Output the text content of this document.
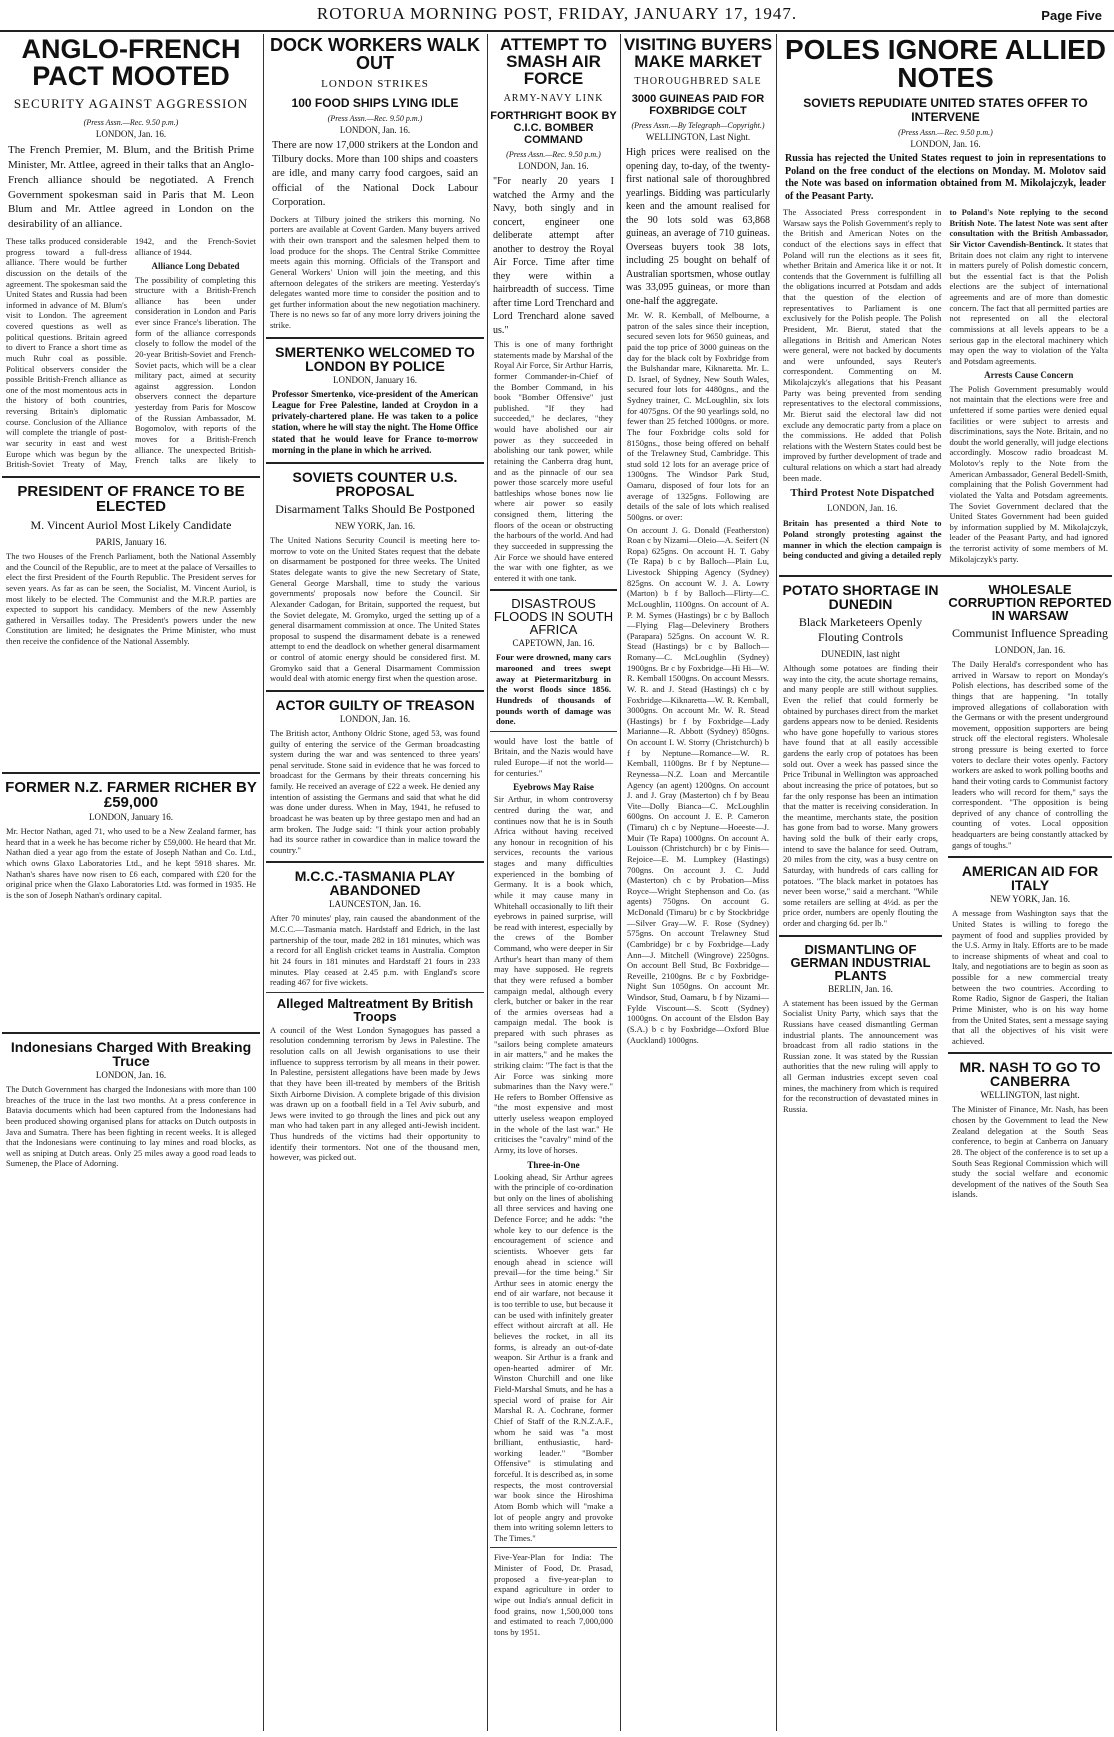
ROTORUA MORNING POST, FRIDAY, JANUARY 17, 1947.	Page Five
ANGLO-FRENCH PACT MOOTED
SECURITY AGAINST AGGRESSION
(Press Assn.—Rec. 9.50 p.m.)
LONDON, Jan. 16.

The French Premier, M. Blum, and the British Prime Minister, Mr. Attlee, agreed in their talks that an Anglo-French alliance should be negotiated. A French Government spokesman said in Paris that M. Leon Blum and Mr. Attlee agreed in London on the desirability of an alliance.

These talks produced considerable progress toward a full-dress alliance. There would be further discussion on the details of the agreement. The spokesman said the United States and Russia had been informed in advance of M. Blum's visit to London. The agreement covered questions as well as political questions. Britain agreed to divert to France a short time as much Ruhr coal as possible. Political observers consider the possible British-French alliance as one of the most momentous acts in the history of both countries, reversing Britain's diplomatic course. Conclusion of the Alliance will complete the triangle of post-war security in east and west Europe which was begun by the British-Soviet Treaty of May, 1942, and the French-Soviet alliance of 1944.
Alliance Long Debated
The possibility of completing this structure with a British-French alliance has been under consideration in London and Paris ever since France's liberation. The form of the alliance corresponds closely to follow the model of the 20-year British-Soviet and French-Soviet pacts, which will be a clear military pact, aimed at security against aggression. London observers connect the departure yesterday from Paris for Moscow of the Russian Ambassador, M. Bogomolov, with reports of the moves for a British-French alliance. The unexpected British-French talks are likely to
PRESIDENT OF FRANCE TO BE ELECTED
M. Vincent Auriol Most Likely Candidate
PARIS, January 16.

The two Houses of the French Parliament, both the National Assembly and the Council of the Republic, are to meet at the palace of Versailles to elect the first President of the Fourth Republic. The President serves for seven years. As far as can be seen, the Socialist, M. Vincent Auriol, is most likely to be elected. The Communist and the M.R.P. parties are expected to support his candidacy. Members of the new Assembly gathered in Versailles today. The President's powers under the new Constitution are limited; he designates the Prime Minister, who must then receive the confidence of the National Assembly.

FORMER N.Z. FARMER RICHER BY £59,000
LONDON, January 16.

Mr. Hector Nathan, aged 71, who used to be a New Zealand farmer, has heard that in a week he has become richer by £59,000. He heard that Mr. Nathan died a year ago from the estate of Joseph Nathan and Co. Ltd., which owns Glaxo Laboratories Ltd., and he kept 5918 shares. Mr. Nathan's shares have now risen to £6 each, compared with £20 for the original price when the Glaxo Laboratories Ltd. was formed in 1935. He is the son of Joseph Nathan's ordinary capital.

Indonesians Charged With Breaking Truce
LONDON, Jan. 16.

The Dutch Government has charged the Indonesians with more than 100 breaches of the truce in the last two months. At a press conference in Batavia documents which had been captured from the Indonesians had been produced showing organised plans for attacks on Dutch outposts in Java and Sumatra. There has been fighting in recent weeks. It is alleged that the Indonesians were continuing to lay mines and road blocks, as well as sniping at Dutch areas. Only 25 miles away a good road leads to Sumenep, the Place of Adorning.

DOCK WORKERS WALK OUT
LONDON STRIKES
100 FOOD SHIPS LYING IDLE
(Press Assn.—Rec. 9.50 p.m.)
LONDON, Jan. 16.

There are now 17,000 strikers at the London and Tilbury docks. More than 100 ships and coasters are idle, and many carry food cargoes, said an official of the National Dock Labour Corporation.

Dockers at Tilbury joined the strikers this morning. No porters are available at Covent Garden. Many buyers arrived with their own transport and the salesmen helped them to load produce for the shops. The Central Strike Committee meets again this morning. Officials of the Transport and General Workers' Union will join the meeting, and this afternoon delegates of the strikers are meeting. Yesterday's delegates wanted more time to consider the position and to get further information about the new negotiation machinery. There is no news so far of any more lorry drivers joining the strike.

SMERTENKO WELCOMED TO LONDON BY POLICE
LONDON, January 16.

Professor Smertenko, vice-president of the American League for Free Palestine, landed at Croydon in a privately-chartered plane. He was taken to a police station, where he will stay the night. The Home Office stated that he would leave for France to-morrow morning in the plane in which he arrived.

SOVIETS COUNTER U.S. PROPOSAL
Disarmament Talks Should Be Postponed
NEW YORK, Jan. 16.

The United Nations Security Council is meeting here to-morrow to vote on the United States request that the debate on disarmament be postponed for three weeks. The United States delegate wants to give the new Secretary of State, General George Marshall, time to study the various governments' proposals now before the Council. Sir Alexander Cadogan, for Britain, supported the request, but the Soviet delegate, M. Gromyko, urged the setting up of a general disarmament commission at once. The United States proposal to suspend the disarmament debate is a renewed attempt to end the deadlock on whether general disarmament or control of atomic energy should be considered first. M. Gromyko said that a General Disarmament Commission would deal with atomic energy first when the question arose.

ACTOR GUILTY OF TREASON
LONDON, Jan. 16.

The British actor, Anthony Oldric Stone, aged 53, was found guilty of entering the service of the German broadcasting system during the war and was sentenced to three years' penal servitude. Stone said in evidence that he was forced to broadcast for the Germans by their threats concerning his family. He received an average of £22 a week. He denied any intention of assisting the Germans and said that what he did was done under duress. When in May, 1941, he refused to broadcast he was beaten up by three gestapo men and had an arm broken. The Judge said: "I think your action probably had its source rather in cowardice than in malice toward the country."

M.C.C.-TASMANIA PLAY ABANDONED
LAUNCESTON, Jan. 16.

After 70 minutes' play, rain caused the abandonment of the M.C.C.—Tasmania match. Hardstaff and Edrich, in the last partnership of the tour, made 282 in 181 minutes, which was a record for all English cricket teams in Australia. Compton hit 24 fours in 181 minutes and Hardstaff 21 fours in 233 minutes. Play ceased at 2.45 p.m. with England's score reading 467 for five wickets.

Alleged Maltreatment By British Troops

A council of the West London Synagogues has passed a resolution condemning terrorism by Jews in Palestine. The resolution calls on all Jewish organisations to use their influence to suppress terrorism by all means in their power. In Palestine, persistent allegations have been made by Jews that they have been ill-treated by members of the British Sixth Airborne Division. A complete brigade of this division was drawn up on a football field in a Tel Aviv suburb, and Jews were invited to go through the lines and pick out any man who had taken part in any alleged anti-Jewish incident. Thus hundreds of the victims had their opportunity to identify their tormentors. Not one of the thousand men, however, was picked out.

ATTEMPT TO SMASH AIR FORCE
ARMY-NAVY LINK
FORTHRIGHT BOOK BY C.I.C. BOMBER COMMAND
(Press Assn.—Rec. 9.50 p.m.)
LONDON, Jan. 16.

"For nearly 20 years I watched the Army and the Navy, both singly and in concert, engineer one deliberate attempt after another to destroy the Royal Air Force. Time after time they were within a hairbreadth of success. Time after time Lord Trenchard and Lord Trenchard alone saved us."

This is one of many forthright statements made by Marshal of the Royal Air Force, Sir Arthur Harris, former Commander-in-Chief of the Bomber Command, in his book "Bomber Offensive" just published. "If they had succeeded," he declares, "they would have abolished our air power as they succeeded in abolishing our tank power, while retaining the Canberra drag hunt, and as the pinnacle of our sea power those scarcely more useful battleships whose bones now lie where air power so easily consigned them, littering the floors of the ocean or obstructing the harbours of the world. And had they succeeded in suppressing the Air Force we should have entered the war with one fighter, as we entered it with one tank.

DISASTROUS FLOODS IN SOUTH AFRICA
CAPETOWN, Jan. 16.

Four were drowned, many cars marooned and trees swept away at Pietermaritzburg in the worst floods since 1856. Hundreds of thousands of pounds worth of damage was done.

would have lost the battle of Britain, and the Nazis would have ruled Europe—if not the world—for centuries."

Eyebrows May Raise

Sir Arthur, in whom controversy centred during the war, and continues now that he is in South Africa without having received any honour in recognition of his services, recounts the various stages and many difficulties experienced in the bombing of Germany. It is a book which, while it may cause many in Whitehall occasionally to lift their eyebrows in pained surprise, will be read with interest, especially by the crews of the Bomber Command, who were deeper in Sir Arthur's heart than many of them may have supposed. He regrets that they were refused a bomber campaign medal, although every clerk, butcher or baker in the rear of the armies overseas had a campaign medal. The book is prepared with such phrases as "sailors being complete amateurs in air matters," and he makes the striking claim: "The fact is that the Air Force was sinking more submarines than the Navy were." He refers to Bomber Offensive as "the most expensive and most utterly useless weapon employed in the whole of the last war." He criticises the "cavalry" mind of the Army, its love of horses.

Three-in-One

Looking ahead, Sir Arthur agrees with the principle of co-ordination but only on the lines of abolishing all three services and having one Defence Force; and he adds: "the whole key to our defence is the encouragement of science and scientists. Whoever gets far enough ahead in science will prevail—for the time being." Sir Arthur sees in atomic energy the end of air warfare, not because it is too terrible to use, but because it can be used with infinitely greater effect without aircraft at all. He believes the rocket, in all its forms, is already an out-of-date weapon. Sir Arthur is a frank and open-hearted admirer of Mr. Winston Churchill and one like Field-Marshal Smuts, and he has a special word of praise for Air Marshal R. A. Cochrane, former Chief of Staff of the R.N.Z.A.F., whom he said was "a most brilliant, enthusiastic, hard-working leader." "Bomber Offensive" is stimulating and forceful. It is described as, in some respects, the most controversial war book since the Hiroshima Atom Bomb which will "make a lot of people angry and provoke them into writing solemn letters to The Times."

Five-Year-Plan for India: The Minister of Food, Dr. Prasad, proposed a five-year-plan to expand agriculture in order to wipe out India's annual deficit in food grains, now 1,500,000 tons and estimated to reach 7,000,000 tons by 1951.

VISITING BUYERS MAKE MARKET
THOROUGHBRED SALE
3000 GUINEAS PAID FOR FOXBRIDGE COLT
(Press Assn.—By Telegraph—Copyright.)
WELLINGTON, Last Night.

High prices were realised on the opening day, to-day, of the twenty-first national sale of thoroughbred yearlings. Bidding was particularly keen and the amount realised for the 90 lots sold was 63,868 guineas, an average of 710 guineas. Overseas buyers took 38 lots, including 25 bought on behalf of Australian sportsmen, whose outlay was 33,095 guineas, or more than one-half the aggregate.

Mr. W. R. Kemball, of Melbourne, a patron of the sales since their inception, secured seven lots for 9650 guineas, and paid the top price of 3000 guineas on the day for the black colt by Foxbridge from the Bulshandar mare, Kiknaretta. Mr. L. D. Israel, of Sydney, New South Wales, secured four lots for 4480gns., and the Sydney trainer, C. McLoughlin, six lots for 4075gns. Of the 90 yearlings sold, no fewer than 25 fetched 1000gns. or more. The four Foxbridge colts sold for 8150gns., those being offered on behalf of the Trelawney Stud, Cambridge. This stud sold 12 lots for an average price of 1300gns. The Windsor Park Stud, Oamaru, disposed of four lots for an average of 1325gns. Following are details of the sale of lots which realised 500gns. or over:

On account J. G. Donald (Featherston) Roan c by Nizami—Oleio—A. Seifert (N Ropa) 625gns. On account H. T. Gaby (Te Rapa) b c by Balloch—Plain Lu, Livestock Shipping Agency (Sydney) 825gns. On account W. J. A. Lowry (Marton) b f by Balloch—Flirty—C. McLoughlin, 1100gns. On account of A. P. M. Symes (Hastings) br c by Balloch—Flying Flag—Delevinery Brothers (Parapara) 525gns. On account W. R. Stead (Hastings) br c by Balloch—Romany—C. McLoughlin (Sydney) 1900gns. Br c by Foxbridge—Hi Hi—W. R. Kemball 1500gns. On account Messrs. W. R. and J. Stead (Hastings) ch c by Foxbridge—Kiknaretta—W. R. Kemball, 3000gns. On account Mr. W. R. Stead (Hastings) br f by Foxbridge—Lady Marianne—R. Abbott (Sydney) 850gns. On account I. W. Storry (Christchurch) b f by Neptune—Romance—W. R. Kemball, 1100gns. Br f by Neptune—Reynessa—N.Z. Loan and Mercantile Agency (an agent) 1200gns. On account J. and J. Gray (Masterton) ch f by Beau Vite—Dolly Bianca—C. McLoughlin 600gns. On account J. E. P. Cameron (Timaru) ch c by Neptune—Hoeeste—J. Muir (Te Rapa) 1000gns. On account A. Louisson (Christchurch) br c by Finis—Rejoice—E. M. Lumpkey (Hastings) 700gns. On account J. C. Judd (Masterton) ch c by Probation—Miss Royce—Wright Stephenson and Co. (as agents) 750gns. On account G. McDonald (Timaru) br c by Stockbridge—Silver Gray—W. F. Rose (Sydney) 575gns. On account Trelawney Stud (Cambridge) br c by Foxbridge—Lady Ann—J. Mitchell (Wingrove) 2250gns. On account Bell Stud, Bc Foxbridge—Reveille, 2100gns. Br c by Foxbridge-Night Sun 1050gns. On account Mr. Windsor, Stud, Oamaru, b f by Nizami—Fylde Viscount—S. Scott (Sydney) 1000gns. On account of the Elsdon Bay (S.A.) b c by Foxbridge—Oxford Blue (Auckland) 1000gns.

POLES IGNORE ALLIED NOTES
SOVIETS REPUDIATE UNITED STATES OFFER TO INTERVENE
(Press Assn.—Rec. 9.50 p.m.)
LONDON, Jan. 16.

Russia has rejected the United States request to join in representations to Poland on the free conduct of the elections on Monday. M. Molotov said the Note was based on information obtained from M. Mikolajczyk, leader of the Peasant Party.

The Associated Press correspondent in Warsaw says the Polish Government's reply to the British and American Notes on the conduct of the elections says in effect that Poland will run the elections as it sees fit, whether Britain and America like it or not. It contends that the Government is fulfilling all the obligations incurred at Potsdam and adds that the question of the election of representatives to Parliament is one exclusively for the Polish people. The Polish President, Mr. Bierut, stated that the allegations in British and American Notes were general, were not backed by documents and were unfounded, says Reuter's correspondent. Commenting on M. Mikolajczyk's allegations that his Peasant Party was being prevented from sending representatives to the electoral commissions, Mr. Bierut said the electoral law did not exclude any democratic party from a place on the commissions. He added that Polish relations with the Western States could best be improved by further development of trade and cultural relations on which a start had already been made.
Third Protest Note Dispatched
LONDON, Jan. 16.
Britain has presented a third Note to Poland strongly protesting against the manner in which the election campaign is being conducted and giving a detailed reply to Poland's Note replying to the second British Note. The latest Note was sent after consultation with the British Ambassador, Sir Victor Cavendish-Bentinck. It states that Britain does not claim any right to intervene in matters purely of Polish domestic concern, but the essential fact is that the Polish elections are the subject of international agreements and are of more than domestic concern. The fact that all permitted parties are not represented on all the electoral commissions at all levels appears to be a serious gap in the electoral machinery which may open the way to violation of the Yalta and Potsdam agreements.
Arrests Cause Concern
The Polish Government presumably would not maintain that the elections were free and unfettered if some parties were denied equal facilities or were subject to arrests and discriminations, says the Note. Britain, and no doubt the world generally, will judge elections accordingly. Moscow radio broadcast M. Molotov's reply to the Note from the American Ambassador, General Bedell-Smith, complaining that the Polish Government had violated the Yalta and Potsdam agreements. The Soviet Government declared that the United States Government had been guided by information supplied by M. Mikolajczyk, leader of the Peasant Party, and had ignored the terrorist activity of some members of M. Mikolajczyk's party.
POTATO SHORTAGE IN DUNEDIN
Black Marketeers Openly Flouting Controls
DUNEDIN, last night

Although some potatoes are finding their way into the city, the acute shortage remains, and many people are still without supplies. Even the relief that could formerly be obtained by purchases direct from the market gardens appears now to be denied. Residents who have gone hopefully to various stores have found that at all easily accessible gardens the early crop of potatoes has been sold out. Over a week has passed since the Price Tribunal in Wellington was approached about increasing the price of potatoes, but so far the only response has been an intimation that the matter is receiving consideration. In the meantime, merchants state, the position has gone from bad to worse. Many growers having sold the bulk of their early crops, intend to save the balance for seed. Outram, 20 miles from the city, was a busy centre on Saturday, with hundreds of cars calling for potatoes. "The black market in potatoes has never been worse," said a merchant. "While some retailers are selling at 4½d. as per the price order, numbers are openly flouting the order and charging 6d. per lb."

DISMANTLING OF GERMAN INDUSTRIAL PLANTS
BERLIN, Jan. 16.

A statement has been issued by the German Socialist Unity Party, which says that the Russians have ceased dismantling German industrial plants. The announcement was broadcast from all radio stations in the Russian zone. It was stated by the Russian authorities that the new ruling will apply to all German industries except seven coal mines, the machinery from which is required for the reconstruction of devastated mines in Russia.

WHOLESALE CORRUPTION REPORTED IN WARSAW
Communist Influence Spreading
LONDON, Jan. 16.

The Daily Herald's correspondent who has arrived in Warsaw to report on Monday's Polish elections, has described some of the things that are happening. "In totally improved allegations of collaboration with the Germans or with the present underground movement, opposition supporters are being struck off the electoral registers. Wholesale strong pressure is being exerted to force voters to declare their votes openly. Factory workers are asked to work polling booths and hand their voting cards to Communist factory leaders who will record for them," says the correspondent. "The opposition is being deprived of any chance of controlling the counting of votes. Local opposition headquarters are being constantly attacked by gangs of toughs."

AMERICAN AID FOR ITALY
NEW YORK, Jan. 16.

A message from Washington says that the United States is willing to forego the payment of food and supplies provided by the U.S. Army in Italy. Efforts are to be made to increase shipments of wheat and coal to Italy, and negotiations are to begin as soon as possible for a new commercial treaty between the two countries. According to Rome Radio, Signor de Gasperi, the Italian Prime Minister, who is on his way home from the United States, sent a message saying that all the objectives of his visit were achieved.

MR. NASH TO GO TO CANBERRA
WELLINGTON, last night.

The Minister of Finance, Mr. Nash, has been chosen by the Government to lead the New Zealand delegation at the South Seas conference, to begin at Canberra on January 28. The object of the conference is to set up a South Seas Regional Commission which will study the social welfare and economic development of the natives of the South Sea islands.
